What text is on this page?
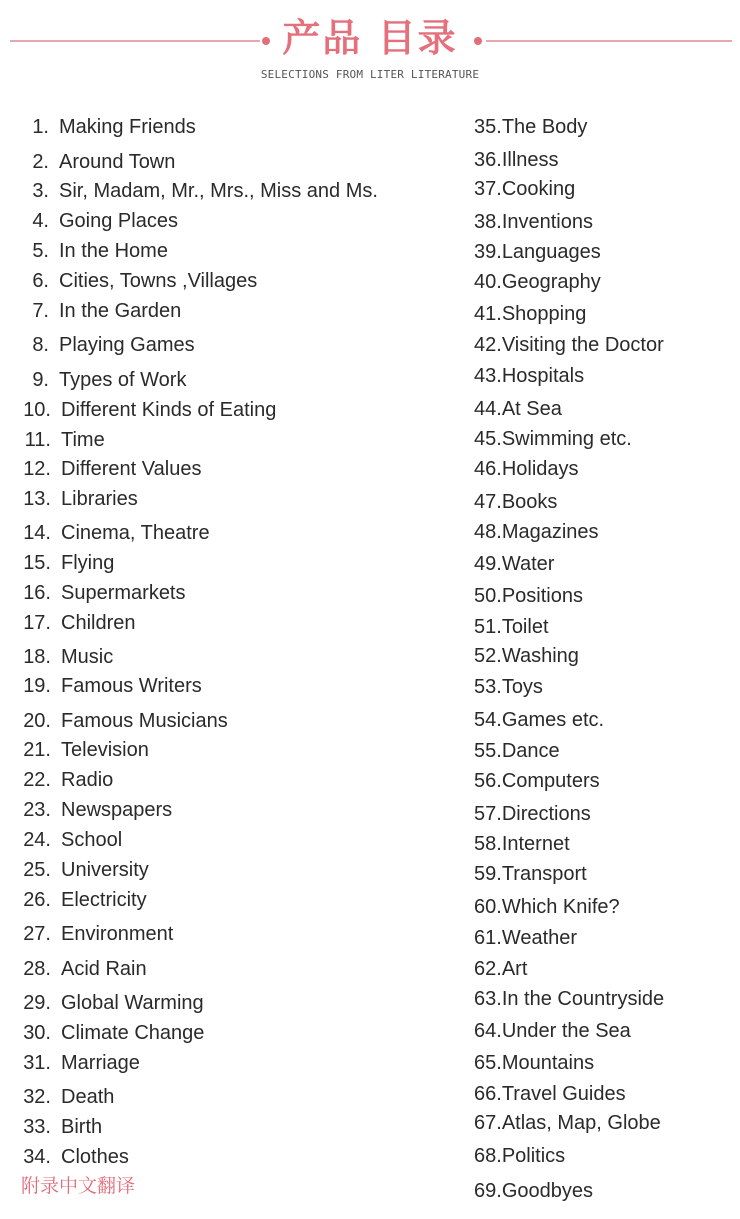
产品 目录
SELECTIONS FROM LITER LITERATURE
1. Making Friends
2. Around Town
3. Sir, Madam, Mr., Mrs., Miss and Ms.
4. Going Places
5. In the Home
6. Cities, Towns ,Villages
7. In the Garden
8. Playing Games
9. Types of Work
10. Different Kinds of Eating
11. Time
12. Different Values
13. Libraries
14. Cinema, Theatre
15. Flying
16. Supermarkets
17. Children
18. Music
19. Famous Writers
20. Famous Musicians
21. Television
22. Radio
23. Newspapers
24. School
25. University
26. Electricity
27. Environment
28. Acid Rain
29. Global Warming
30. Climate Change
31. Marriage
32. Death
33. Birth
34. Clothes
35.The Body
36.Illness
37.Cooking
38.Inventions
39.Languages
40.Geography
41.Shopping
42.Visiting the Doctor
43.Hospitals
44.At Sea
45.Swimming etc.
46.Holidays
47.Books
48.Magazines
49.Water
50.Positions
51.Toilet
52.Washing
53.Toys
54.Games etc.
55.Dance
56.Computers
57.Directions
58.Internet
59.Transport
60.Which Knife?
61.Weather
62.Art
63.In the Countryside
64.Under the Sea
65.Mountains
66.Travel Guides
67.Atlas, Map, Globe
68.Politics
69.Goodbyes
附录中文翻译
